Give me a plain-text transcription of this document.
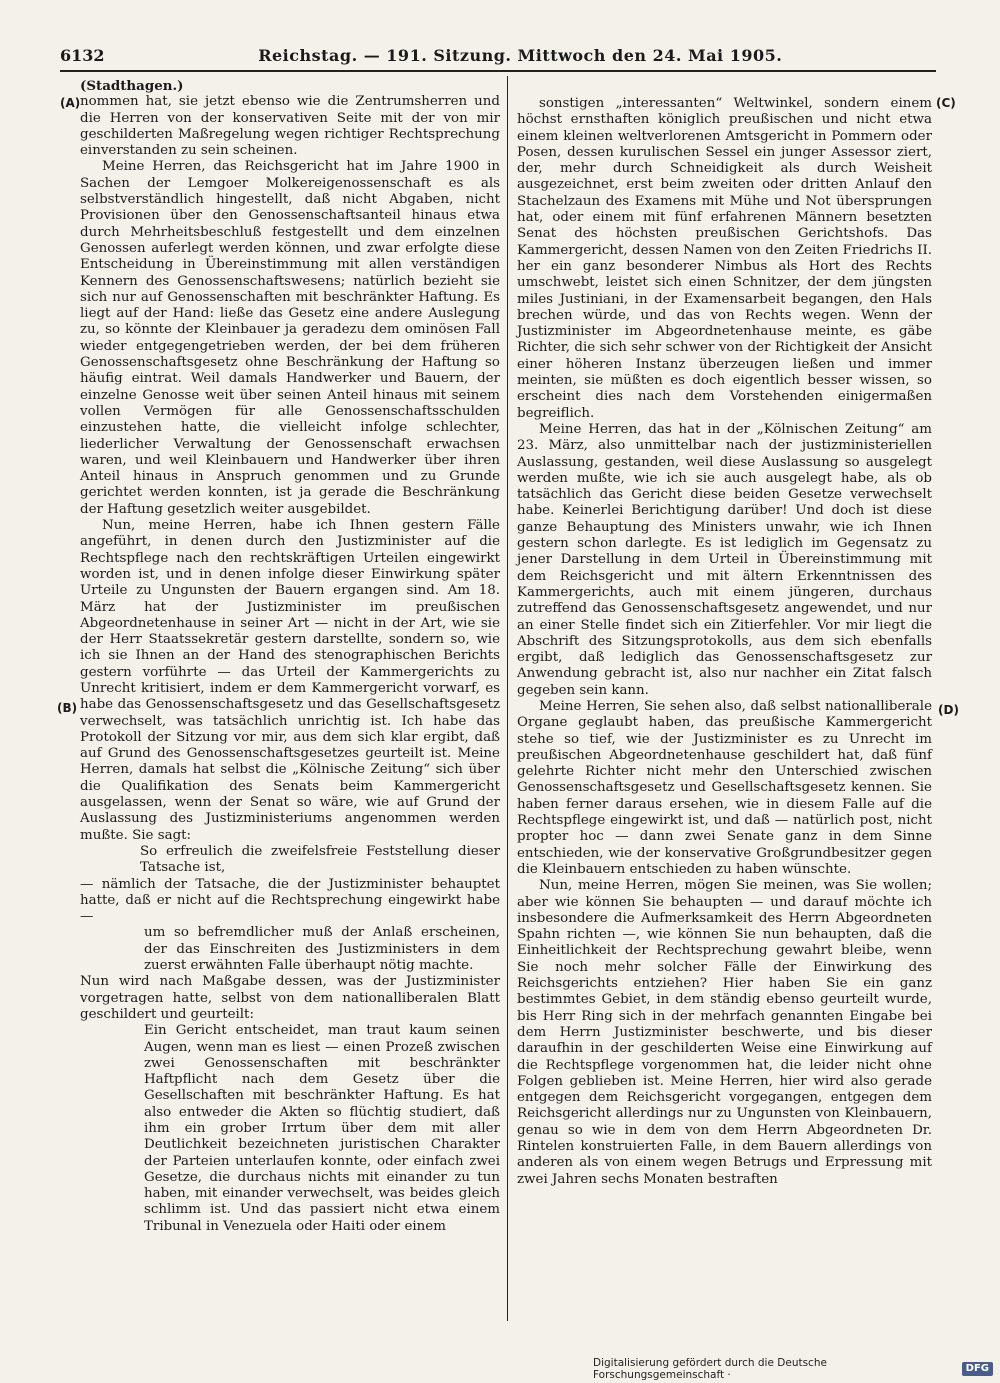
6132	Reichstag. — 191. Sitzung. Mittwoch den 24. Mai 1905.
(A)
(B)
(C)
(D)

(Stadthagen.)

nommen hat, sie jetzt ebenso wie die Zentrumsherren und die Herren von der konservativen Seite mit der von mir geschilderten Maßregelung wegen richtiger Rechtsprechung einverstanden zu sein scheinen.

Meine Herren, das Reichsgericht hat im Jahre 1900 in Sachen der Lemgoer Molkereigenossenschaft es als selbstverständlich hingestellt, daß nicht Abgaben, nicht Provisionen über den Genossenschaftsanteil hinaus etwa durch Mehrheitsbeschluß festgestellt und dem einzelnen Genossen auferlegt werden können, und zwar erfolgte diese Entscheidung in Übereinstimmung mit allen verständigen Kennern des Genossenschaftswesens; natürlich bezieht sie sich nur auf Genossenschaften mit beschränkter Haftung. Es liegt auf der Hand: ließe das Gesetz eine andere Auslegung zu, so könnte der Kleinbauer ja geradezu dem ominösen Fall wieder entgegengetrieben werden, der bei dem früheren Genossenschaftsgesetz ohne Beschränkung der Haftung so häufig eintrat. Weil damals Handwerker und Bauern, der einzelne Genosse weit über seinen Anteil hinaus mit seinem vollen Vermögen für alle Genossenschaftsschulden einzustehen hatte, die vielleicht infolge schlechter, liederlicher Verwaltung der Genossenschaft erwachsen waren, und weil Kleinbauern und Handwerker über ihren Anteil hinaus in Anspruch genommen und zu Grunde gerichtet werden konnten, ist ja gerade die Beschränkung der Haftung gesetzlich weiter ausgebildet.

Nun, meine Herren, habe ich Ihnen gestern Fälle angeführt, in denen durch den Justizminister auf die Rechtspflege nach den rechtskräftigen Urteilen eingewirkt worden ist, und in denen infolge dieser Einwirkung später Urteile zu Ungunsten der Bauern ergangen sind. Am 18. März hat der Justizminister im preußischen Abgeordnetenhause in seiner Art — nicht in der Art, wie sie der Herr Staatssekretär gestern darstellte, sondern so, wie ich sie Ihnen an der Hand des stenographischen Berichts gestern vorführte — das Urteil der Kammergerichts zu Unrecht kritisiert, indem er dem Kammergericht vorwarf, es habe das Genossenschaftsgesetz und das Gesellschaftsgesetz verwechselt, was tatsächlich unrichtig ist. Ich habe das Protokoll der Sitzung vor mir, aus dem sich klar ergibt, daß auf Grund des Genossenschaftsgesetzes geurteilt ist. Meine Herren, damals hat selbst die „Kölnische Zeitung“ sich über die Qualifikation des Senats beim Kammergericht ausgelassen, wenn der Senat so wäre, wie auf Grund der Auslassung des Justizministeriums angenommen werden mußte. Sie sagt:

So erfreulich die zweifelsfreie Feststellung dieser Tatsache ist,

— nämlich der Tatsache, die der Justizminister behauptet hatte, daß er nicht auf die Rechtsprechung eingewirkt habe —

um so befremdlicher muß der Anlaß erscheinen, der das Einschreiten des Justizministers in dem zuerst erwähnten Falle überhaupt nötig machte.

Nun wird nach Maßgabe dessen, was der Justizminister vorgetragen hatte, selbst von dem nationalliberalen Blatt geschildert und geurteilt:

Ein Gericht entscheidet, man traut kaum seinen Augen, wenn man es liest — einen Prozeß zwischen zwei Genossenschaften mit beschränkter Haftpflicht nach dem Gesetz über die Gesellschaften mit beschränkter Haftung. Es hat also entweder die Akten so flüchtig studiert, daß ihm ein grober Irrtum über dem mit aller Deutlichkeit bezeichneten juristischen Charakter der Parteien unterlaufen konnte, oder einfach zwei Gesetze, die durchaus nichts mit einander zu tun haben, mit einander verwechselt, was beides gleich schlimm ist. Und das passiert nicht etwa einem Tribunal in Venezuela oder Haiti oder einem

sonstigen „interessanten“ Weltwinkel, sondern einem höchst ernsthaften königlich preußischen und nicht etwa einem kleinen weltverlorenen Amtsgericht in Pommern oder Posen, dessen kurulischen Sessel ein junger Assessor ziert, der, mehr durch Schneidigkeit als durch Weisheit ausgezeichnet, erst beim zweiten oder dritten Anlauf den Stachelzaun des Examens mit Mühe und Not übersprungen hat, oder einem mit fünf erfahrenen Männern besetzten Senat des höchsten preußischen Gerichtshofs. Das Kammergericht, dessen Namen von den Zeiten Friedrichs II. her ein ganz besonderer Nimbus als Hort des Rechts umschwebt, leistet sich einen Schnitzer, der dem jüngsten miles Justiniani, in der Examensarbeit begangen, den Hals brechen würde, und das von Rechts wegen. Wenn der Justizminister im Abgeordnetenhause meinte, es gäbe Richter, die sich sehr schwer von der Richtigkeit der Ansicht einer höheren Instanz überzeugen ließen und immer meinten, sie müßten es doch eigentlich besser wissen, so erscheint dies nach dem Vorstehenden einigermaßen begreiflich.

Meine Herren, das hat in der „Kölnischen Zeitung“ am 23. März, also unmittelbar nach der justizministeriellen Auslassung, gestanden, weil diese Auslassung so ausgelegt werden mußte, wie ich sie auch ausgelegt habe, als ob tatsächlich das Gericht diese beiden Gesetze verwechselt habe. Keinerlei Berichtigung darüber! Und doch ist diese ganze Behauptung des Ministers unwahr, wie ich Ihnen gestern schon darlegte. Es ist lediglich im Gegensatz zu jener Darstellung in dem Urteil in Übereinstimmung mit dem Reichsgericht und mit ältern Erkenntnissen des Kammergerichts, auch mit einem jüngeren, durchaus zutreffend das Genossenschaftsgesetz angewendet, und nur an einer Stelle findet sich ein Zitierfehler. Vor mir liegt die Abschrift des Sitzungsprotokolls, aus dem sich ebenfalls ergibt, daß lediglich das Genossenschaftsgesetz zur Anwendung gebracht ist, also nur nachher ein Zitat falsch gegeben sein kann.

Meine Herren, Sie sehen also, daß selbst nationalliberale Organe geglaubt haben, das preußische Kammergericht stehe so tief, wie der Justizminister es zu Unrecht im preußischen Abgeordnetenhause geschildert hat, daß fünf gelehrte Richter nicht mehr den Unterschied zwischen Genossenschaftsgesetz und Gesellschaftsgesetz kennen. Sie haben ferner daraus ersehen, wie in diesem Falle auf die Rechtspflege eingewirkt ist, und daß — natürlich post, nicht propter hoc — dann zwei Senate ganz in dem Sinne entschieden, wie der konservative Großgrundbesitzer gegen die Kleinbauern entschieden zu haben wünschte.

Nun, meine Herren, mögen Sie meinen, was Sie wollen; aber wie können Sie behaupten — und darauf möchte ich insbesondere die Aufmerksamkeit des Herrn Abgeordneten Spahn richten —, wie können Sie nun behaupten, daß die Einheitlichkeit der Rechtsprechung gewahrt bleibe, wenn Sie noch mehr solcher Fälle der Einwirkung des Reichsgerichts entziehen? Hier haben Sie ein ganz bestimmtes Gebiet, in dem ständig ebenso geurteilt wurde, bis Herr Ring sich in der mehrfach genannten Eingabe bei dem Herrn Justizminister beschwerte, und bis dieser daraufhin in der geschilderten Weise eine Einwirkung auf die Rechtspflege vorgenommen hat, die leider nicht ohne Folgen geblieben ist. Meine Herren, hier wird also gerade entgegen dem Reichsgericht vorgegangen, entgegen dem Reichsgericht allerdings nur zu Ungunsten von Kleinbauern, genau so wie in dem von dem Herrn Abgeordneten Dr. Rintelen konstruierten Falle, in dem Bauern allerdings von anderen als von einem wegen Betrugs und Erpressung mit zwei Jahren sechs Monaten bestraften

Digitalisierung gefördert durch die Deutsche Forschungsgemeinschaft ·
DFG
